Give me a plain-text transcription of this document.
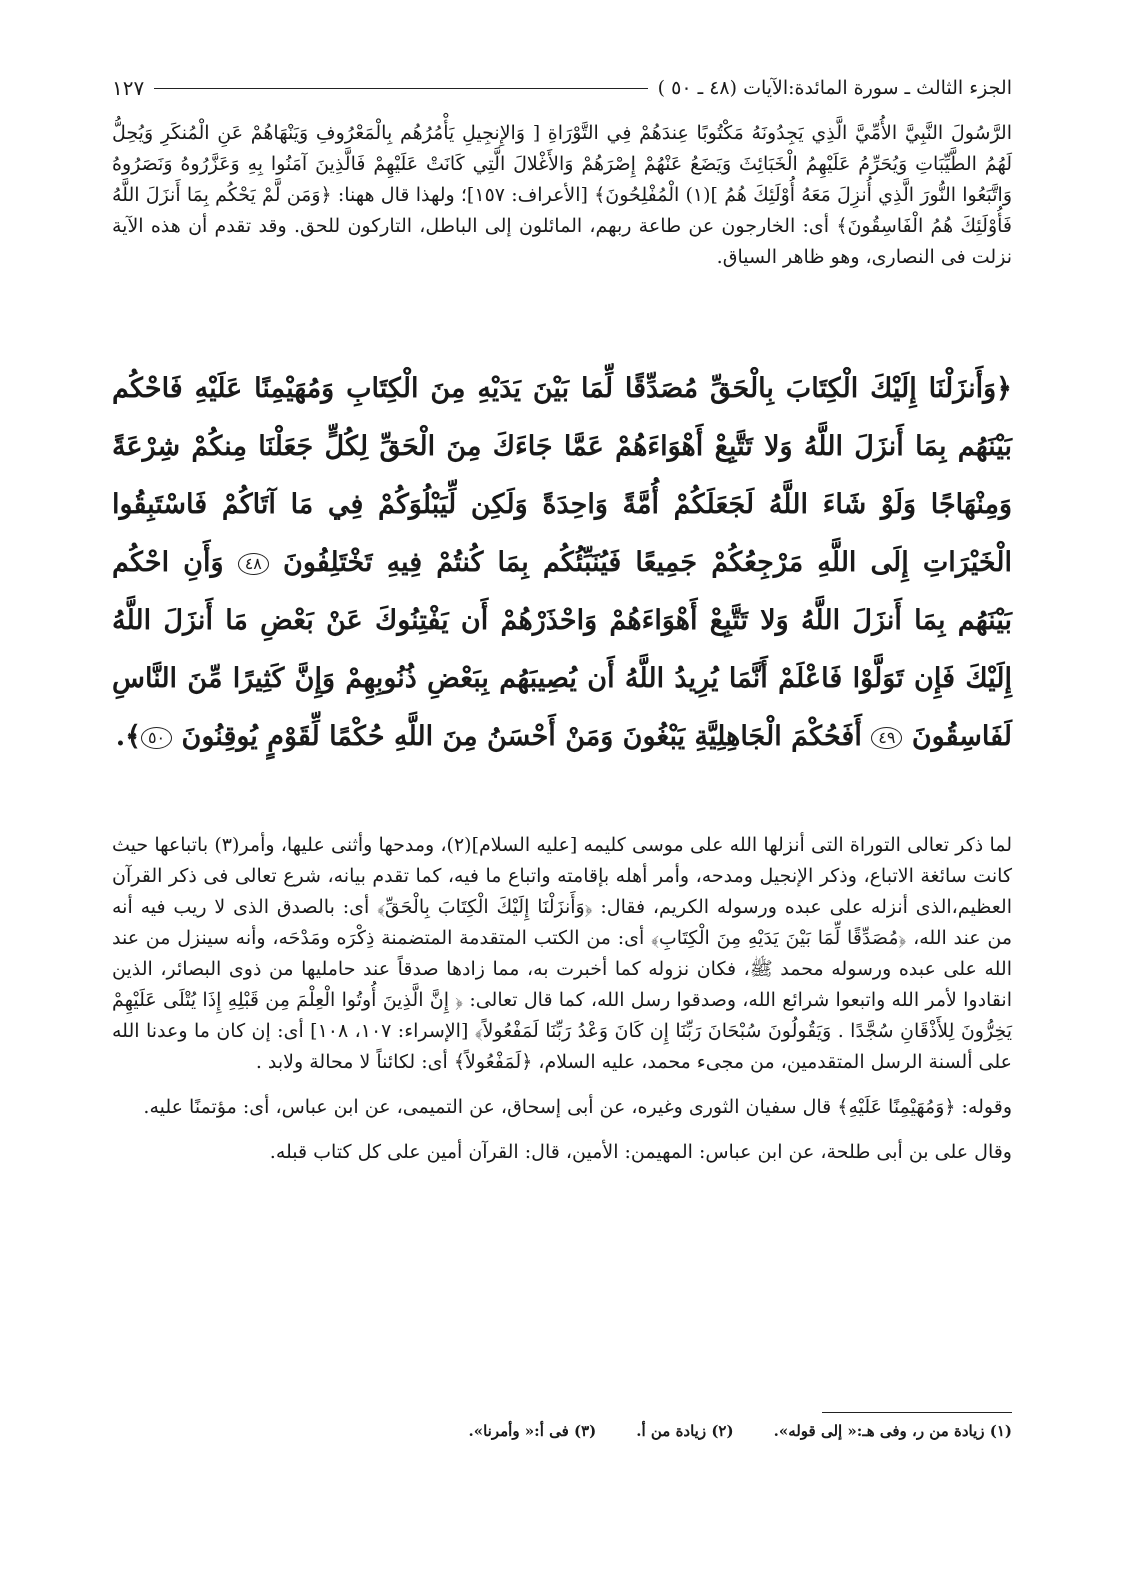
الجزء الثالث ـ سورة المائدة:الآيات (٤٨ ـ ٥٠ )
١٢٧

الرَّسُولَ النَّبِيَّ الأُمِّيَّ الَّذِي يَجِدُونَهُ مَكْتُوبًا عِندَهُمْ فِي التَّوْرَاةِ [ وَالإِنجِيلِ يَأْمُرُهُم بِالْمَعْرُوفِ وَيَنْهَاهُمْ عَنِ الْمُنكَرِ وَيُحِلُّ لَهُمُ الطَّيِّبَاتِ وَيُحَرِّمُ عَلَيْهِمُ الْخَبَائِثَ وَيَضَعُ عَنْهُمْ إِصْرَهُمْ وَالأَغْلالَ الَّتِي كَانَتْ عَلَيْهِمْ فَالَّذِينَ آمَنُوا بِهِ وَعَزَّرُوهُ وَنَصَرُوهُ وَاتَّبَعُوا النُّورَ الَّذِي أُنزِلَ مَعَهُ أُوْلَئِكَ هُمُ ](١) الْمُفْلِحُونَ﴾ [الأعراف: ١٥٧]؛ ولهذا قال ههنا: ﴿وَمَن لَّمْ يَحْكُم بِمَا أَنزَلَ اللَّهُ فَأُوْلَئِكَ هُمُ الْفَاسِقُونَ﴾ أى: الخارجون عن طاعة ربهم، المائلون إلى الباطل، التاركون للحق. وقد تقدم أن هذه الآية نزلت فى النصارى، وهو ظاهر السياق.

﴿وَأَنزَلْنَا إِلَيْكَ الْكِتَابَ بِالْحَقِّ مُصَدِّقًا لِّمَا بَيْنَ يَدَيْهِ مِنَ الْكِتَابِ وَمُهَيْمِنًا عَلَيْهِ فَاحْكُم بَيْنَهُم بِمَا أَنزَلَ اللَّهُ وَلا تَتَّبِعْ أَهْوَاءَهُمْ عَمَّا جَاءَكَ مِنَ الْحَقِّ لِكُلٍّ جَعَلْنَا مِنكُمْ شِرْعَةً وَمِنْهَاجًا وَلَوْ شَاءَ اللَّهُ لَجَعَلَكُمْ أُمَّةً وَاحِدَةً وَلَكِن لِّيَبْلُوَكُمْ فِي مَا آتَاكُمْ فَاسْتَبِقُوا الْخَيْرَاتِ إِلَى اللَّهِ مَرْجِعُكُمْ جَمِيعًا فَيُنَبِّئُكُم بِمَا كُنتُمْ فِيهِ تَخْتَلِفُونَ ٤٨ وَأَنِ احْكُم بَيْنَهُم بِمَا أَنزَلَ اللَّهُ وَلا تَتَّبِعْ أَهْوَاءَهُمْ وَاحْذَرْهُمْ أَن يَفْتِنُوكَ عَنْ بَعْضِ مَا أَنزَلَ اللَّهُ إِلَيْكَ فَإِن تَوَلَّوْا فَاعْلَمْ أَنَّمَا يُرِيدُ اللَّهُ أَن يُصِيبَهُم بِبَعْضِ ذُنُوبِهِمْ وَإِنَّ كَثِيرًا مِّنَ النَّاسِ لَفَاسِقُونَ ٤٩ أَفَحُكْمَ الْجَاهِلِيَّةِ يَبْغُونَ وَمَنْ أَحْسَنُ مِنَ اللَّهِ حُكْمًا لِّقَوْمٍ يُوقِنُونَ ٥٠﴾.

لما ذكر تعالى التوراة التى أنزلها الله على موسى كليمه [عليه السلام](٢)، ومدحها وأثنى عليها، وأمر(٣) باتباعها حيث كانت سائغة الاتباع، وذكر الإنجيل ومدحه، وأمر أهله بإقامته واتباع ما فيه، كما تقدم بيانه، شرع تعالى فى ذكر القرآن العظيم،الذى أنزله على عبده ورسوله الكريم، فقال: ﴿وَأَنزَلْنَا إِلَيْكَ الْكِتَابَ بِالْحَقِّ﴾ أى: بالصدق الذى لا ريب فيه أنه من عند الله، ﴿مُصَدِّقًا لِّمَا بَيْنَ يَدَيْهِ مِنَ الْكِتَابِ﴾ أى: من الكتب المتقدمة المتضمنة ذِكْرَه ومَدْحَه، وأنه سينزل من عند الله على عبده ورسوله محمد ﷺ، فكان نزوله كما أخبرت به، مما زادها صدقاً عند حامليها من ذوى البصائر، الذين انقادوا لأمر الله واتبعوا شرائع الله، وصدقوا رسل الله، كما قال تعالى: ﴿ إِنَّ الَّذِينَ أُوتُوا الْعِلْمَ مِن قَبْلِهِ إِذَا يُتْلَى عَلَيْهِمْ يَخِرُّونَ لِلأَذْقَانِ سُجَّدًا . وَيَقُولُونَ سُبْحَانَ رَبِّنَا إِن كَانَ وَعْدُ رَبِّنَا لَمَفْعُولاً﴾ [الإسراء: ١٠٧، ١٠٨] أى: إن كان ما وعدنا الله على ألسنة الرسل المتقدمين، من مجىء محمد، عليه السلام، ﴿لَمَفْعُولاً﴾ أى: لكائناً لا محالة ولابد .

وقوله: ﴿وَمُهَيْمِنًا عَلَيْهِ﴾ قال سفيان الثورى وغيره، عن أبى إسحاق، عن التميمى، عن ابن عباس، أى: مؤتمنًا عليه.

وقال على بن أبى طلحة، عن ابن عباس: المهيمن: الأمين، قال: القرآن أمين على كل كتاب قبله.

(١) زيادة من ر، وفى هـ:« إلى قوله».
(٢) زيادة من أ.
(٣) فى أ:« وأمرنا».
